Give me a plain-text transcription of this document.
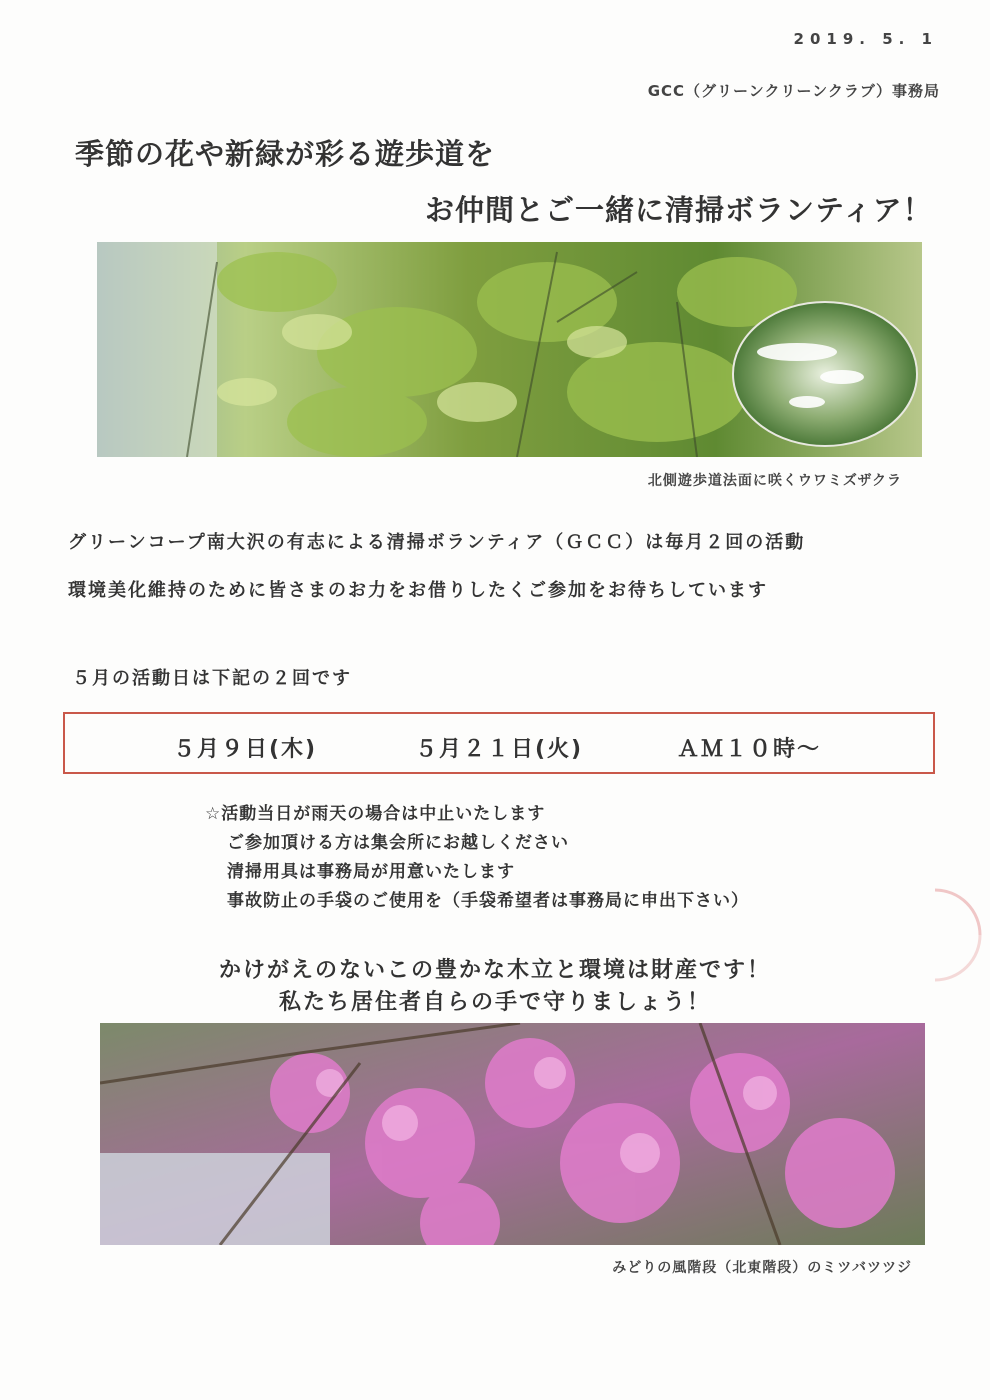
2019. 5. 1
GCC（グリーンクリーンクラブ）事務局
季節の花や新緑が彩る遊歩道を
お仲間とご一緒に清掃ボランティア！
北側遊歩道法面に咲くウワミズザクラ
グリーンコープ南大沢の有志による清掃ボランティア（ＧＣＣ）は毎月２回の活動
環境美化維持のために皆さまのお力をお借りしたくご参加をお待ちしています
５月の活動日は下記の２回です
５月９日(木)	５月２１日(火)	ＡＭ１０時～
☆活動当日が雨天の場合は中止いたします
ご参加頂ける方は集会所にお越しください
清掃用具は事務局が用意いたします
事故防止の手袋のご使用を（手袋希望者は事務局に申出下さい）
かけがえのないこの豊かな木立と環境は財産です！
私たち居住者自らの手で守りましょう！
みどりの風階段（北東階段）のミツバツツジ
